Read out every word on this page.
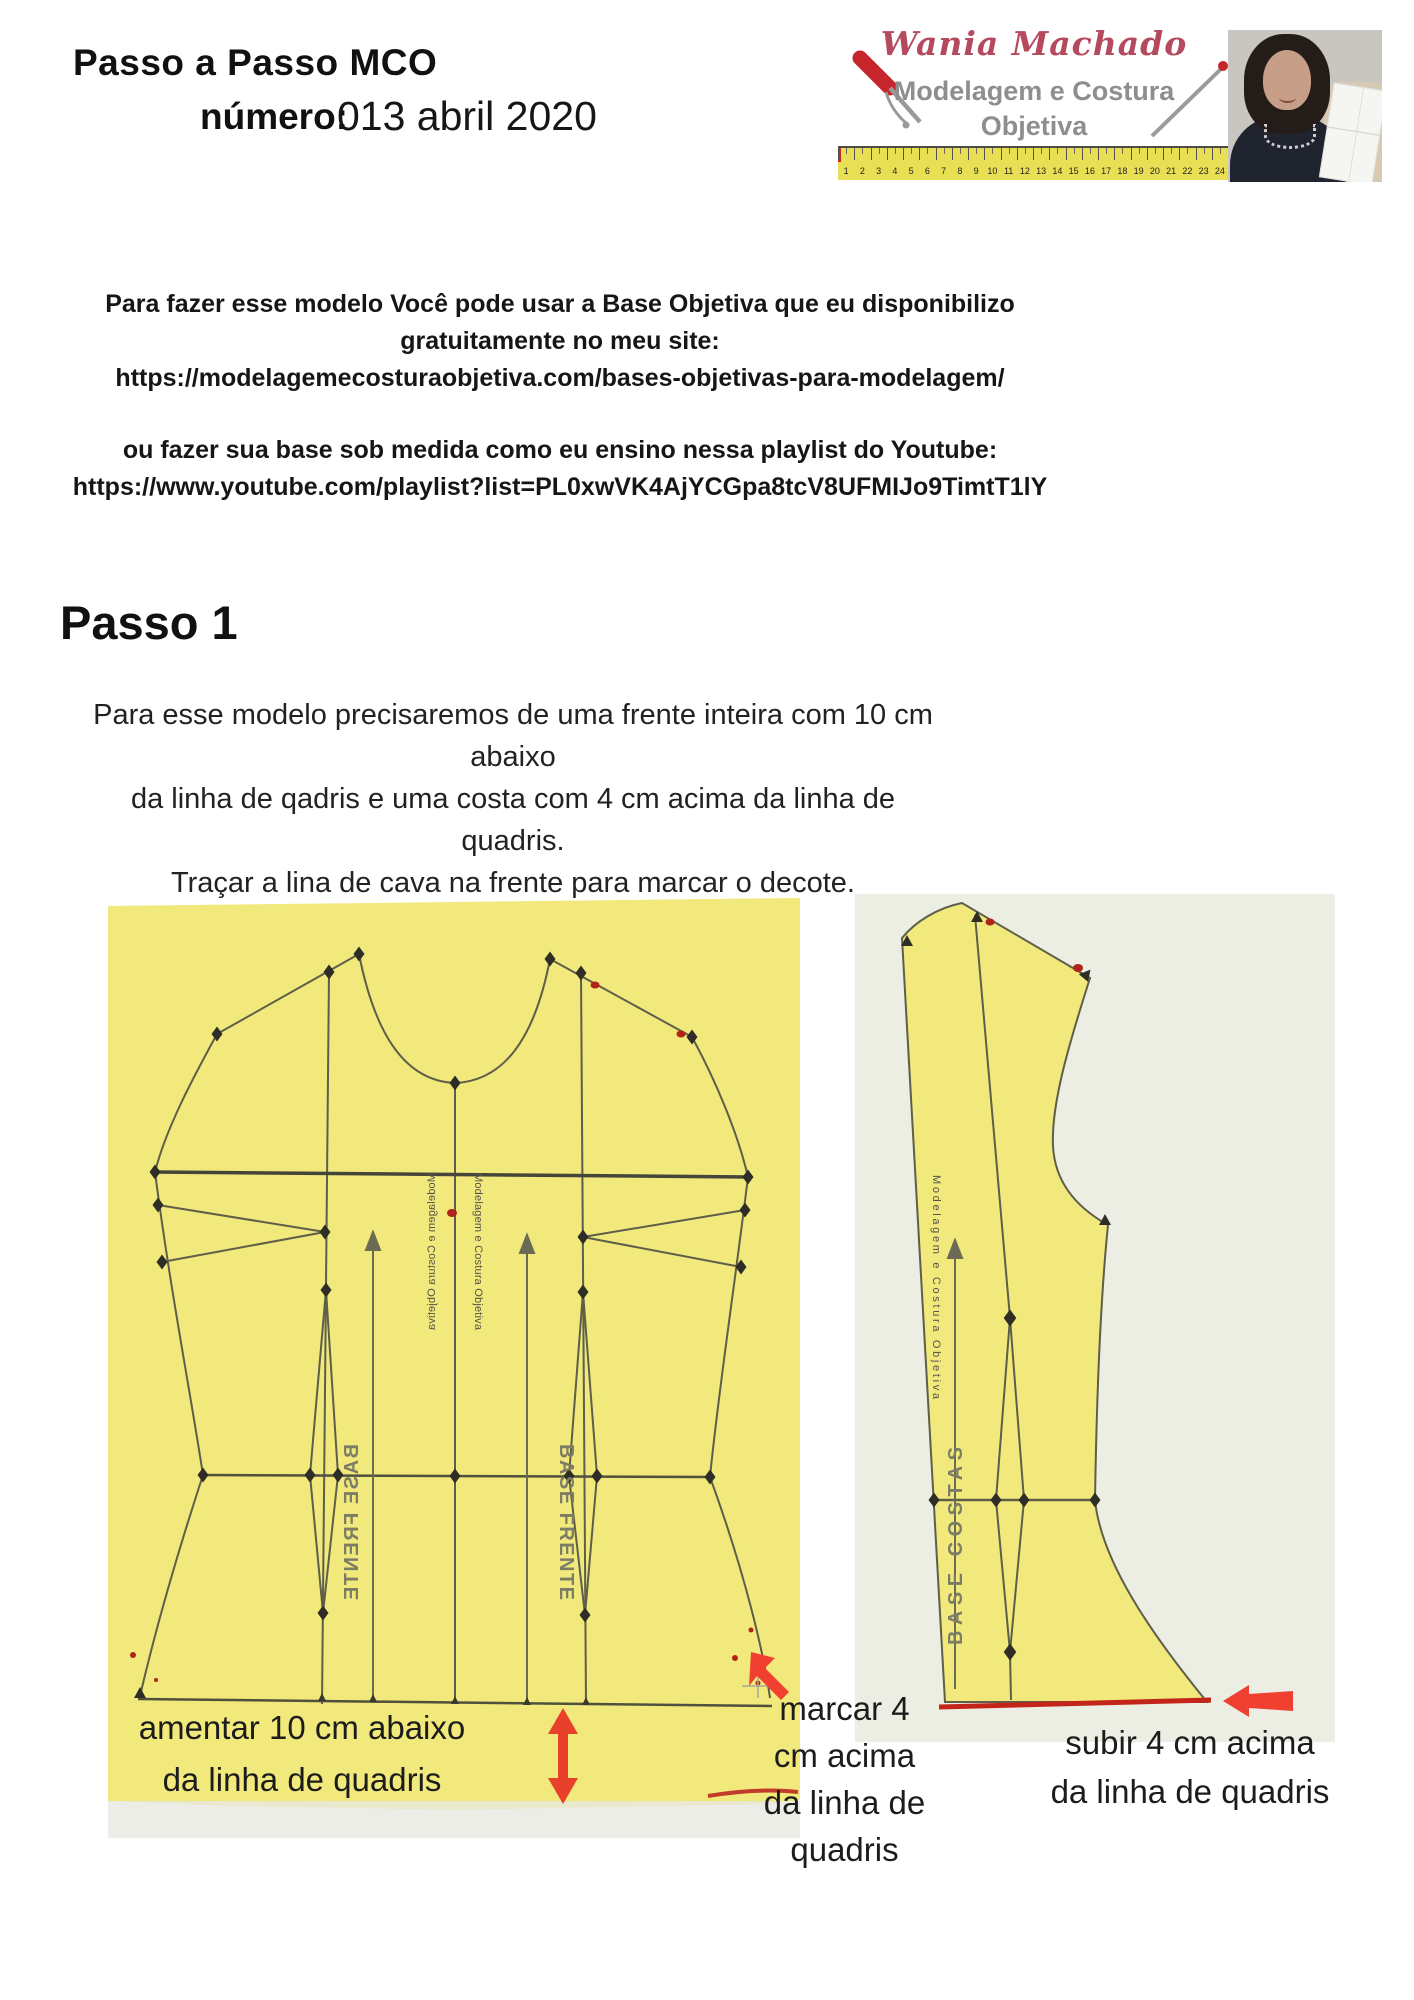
Passo a Passo MCO
número:
013 abril 2020
Wania Machado
Modelagem e Costura
Objetiva
1	2	3	4	5	6	7	8	9 10 11 12 13 14 15 16 17 18 19 20 21 22 23 24
Para fazer esse modelo Você pode usar a Base Objetiva que eu disponibilizo
gratuitamente no meu site:
https://modelagemecosturaobjetiva.com/bases-objetivas-para-modelagem/
ou fazer sua base sob medida como eu ensino nessa playlist do Youtube:
https://www.youtube.com/playlist?list=PL0xwVK4AjYCGpa8tcV8UFMIJo9TimtT1lY
Passo 1
Para esse modelo precisaremos de uma frente inteira com 10 cm abaixo
da linha de qadris e uma costa com 4 cm acima da linha de quadris.
Traçar a lina de cava na frente para marcar o decote.
Modelagem e Costura Objetiva
Modelagem e Costura Objetiva
BASE FRENTE
BASE FRENTE
amentar 10 cm abaixo
da linha de quadris
Modelagem e Costura Objetiva
BASE COSTAS
marcar 4
cm acima
da linha de
quadris
subir 4 cm acima
da linha de quadris
